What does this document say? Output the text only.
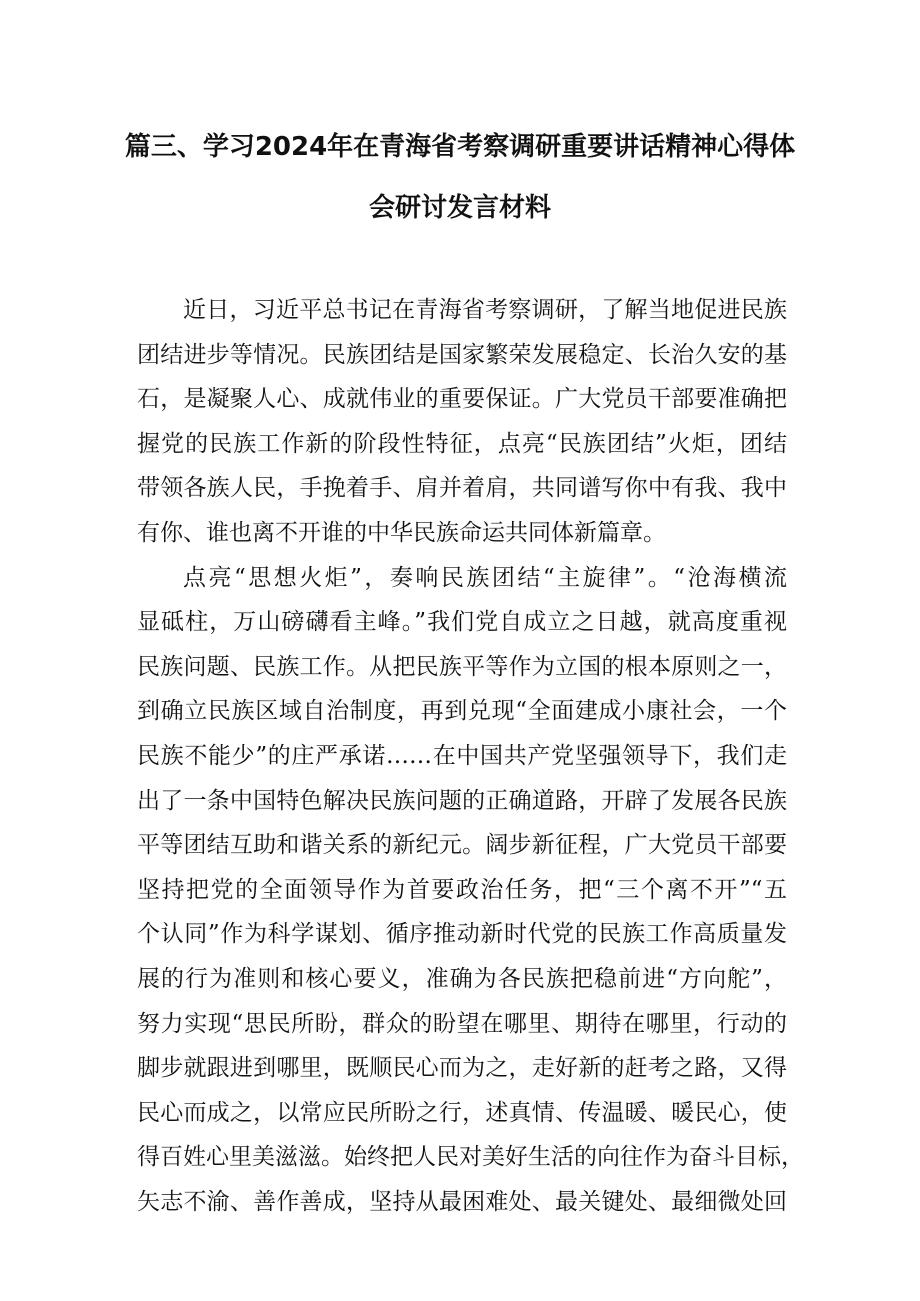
篇三、学习2024年在青海省考察调研重要讲话精神心得体
会研讨发言材料
近日，习近平总书记在青海省考察调研，了解当地促进民族
团结进步等情况。民族团结是国家繁荣发展稳定、长治久安的基
石，是凝聚人心、成就伟业的重要保证。广大党员干部要准确把
握党的民族工作新的阶段性特征，点亮“民族团结”火炬，团结
带领各族人民，手挽着手、肩并着肩，共同谱写你中有我、我中
有你、谁也离不开谁的中华民族命运共同体新篇章。
点亮“思想火炬”，奏响民族团结“主旋律”。“沧海横流
显砥柱，万山磅礴看主峰。”我们党自成立之日越，就高度重视
民族问题、民族工作。从把民族平等作为立国的根本原则之一，
到确立民族区域自治制度，再到兑现“全面建成小康社会，一个
民族不能少”的庄严承诺……在中国共产党坚强领导下，我们走
出了一条中国特色解决民族问题的正确道路，开辟了发展各民族
平等团结互助和谐关系的新纪元。阔步新征程，广大党员干部要
坚持把党的全面领导作为首要政治任务，把“三个离不开”“五
个认同”作为科学谋划、循序推动新时代党的民族工作高质量发
展的行为准则和核心要义，准确为各民族把稳前进“方向舵”，
努力实现“思民所盼，群众的盼望在哪里、期待在哪里，行动的
脚步就跟进到哪里，既顺民心而为之，走好新的赶考之路，又得
民心而成之，以常应民所盼之行，述真情、传温暖、暖民心，使
得百姓心里美滋滋。始终把人民对美好生活的向往作为奋斗目标，
矢志不渝、善作善成，坚持从最困难处、最关键处、最细微处回
